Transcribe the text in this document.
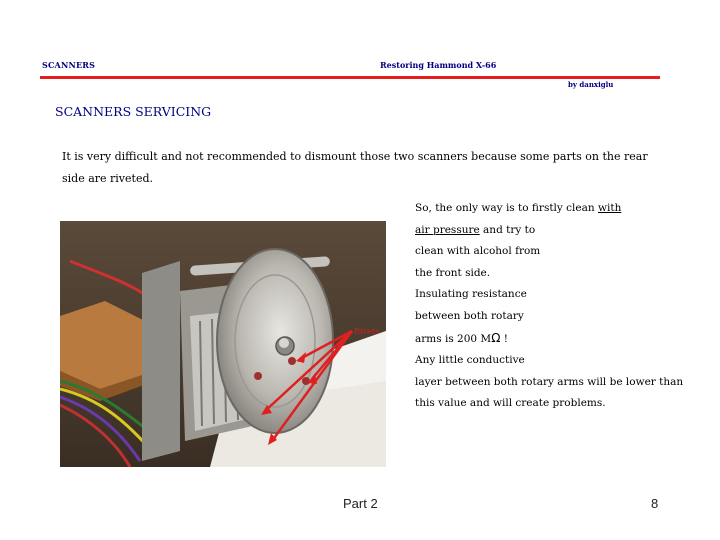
SCANNERS	Restoring Hammond X-66
by danxiglu
SCANNERS SERVICING
It is very difficult and not recommended to dismount those two scanners because some parts on the rear side are riveted.
Rivets
So, the only way is to firstly clean with
air pressure and try to
clean with alcohol from
the front side.
Insulating resistance
between both rotary
arms is 200 MΩ !
Any little conductive
layer between both rotary arms will be lower than
this value and will create problems.
Part 2	8
